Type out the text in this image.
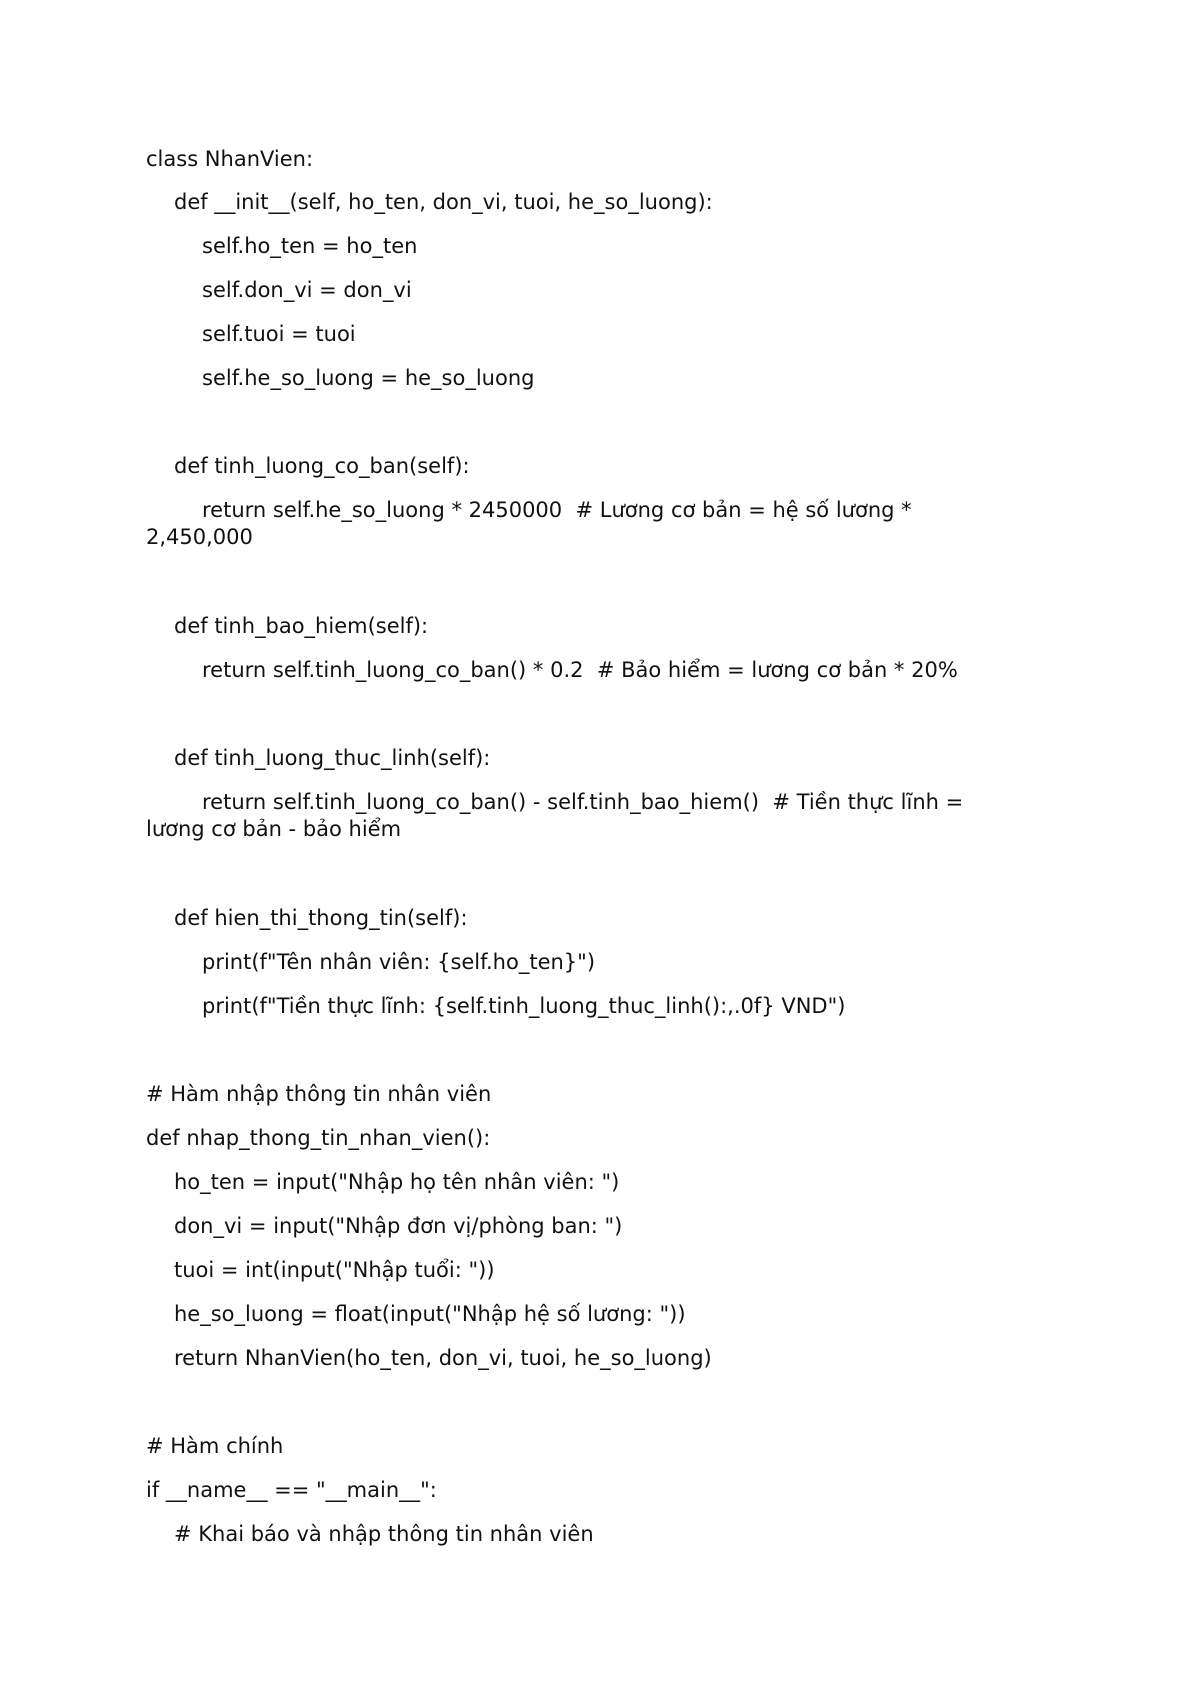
class NhanVien:
def __init__(self, ho_ten, don_vi, tuoi, he_so_luong):
self.ho_ten = ho_ten
self.don_vi = don_vi
self.tuoi = tuoi
self.he_so_luong = he_so_luong
def tinh_luong_co_ban(self):
return self.he_so_luong * 2450000  # Lương cơ bản = hệ số lương *
2,450,000
def tinh_bao_hiem(self):
return self.tinh_luong_co_ban() * 0.2  # Bảo hiểm = lương cơ bản * 20%
def tinh_luong_thuc_linh(self):
return self.tinh_luong_co_ban() - self.tinh_bao_hiem()  # Tiền thực lĩnh =
lương cơ bản - bảo hiểm
def hien_thi_thong_tin(self):
print(f"Tên nhân viên: {self.ho_ten}")
print(f"Tiền thực lĩnh: {self.tinh_luong_thuc_linh():,.0f} VND")
# Hàm nhập thông tin nhân viên
def nhap_thong_tin_nhan_vien():
ho_ten = input("Nhập họ tên nhân viên: ")
don_vi = input("Nhập đơn vị/phòng ban: ")
tuoi = int(input("Nhập tuổi: "))
he_so_luong = float(input("Nhập hệ số lương: "))
return NhanVien(ho_ten, don_vi, tuoi, he_so_luong)
# Hàm chính
if __name__ == "__main__":
# Khai báo và nhập thông tin nhân viên
